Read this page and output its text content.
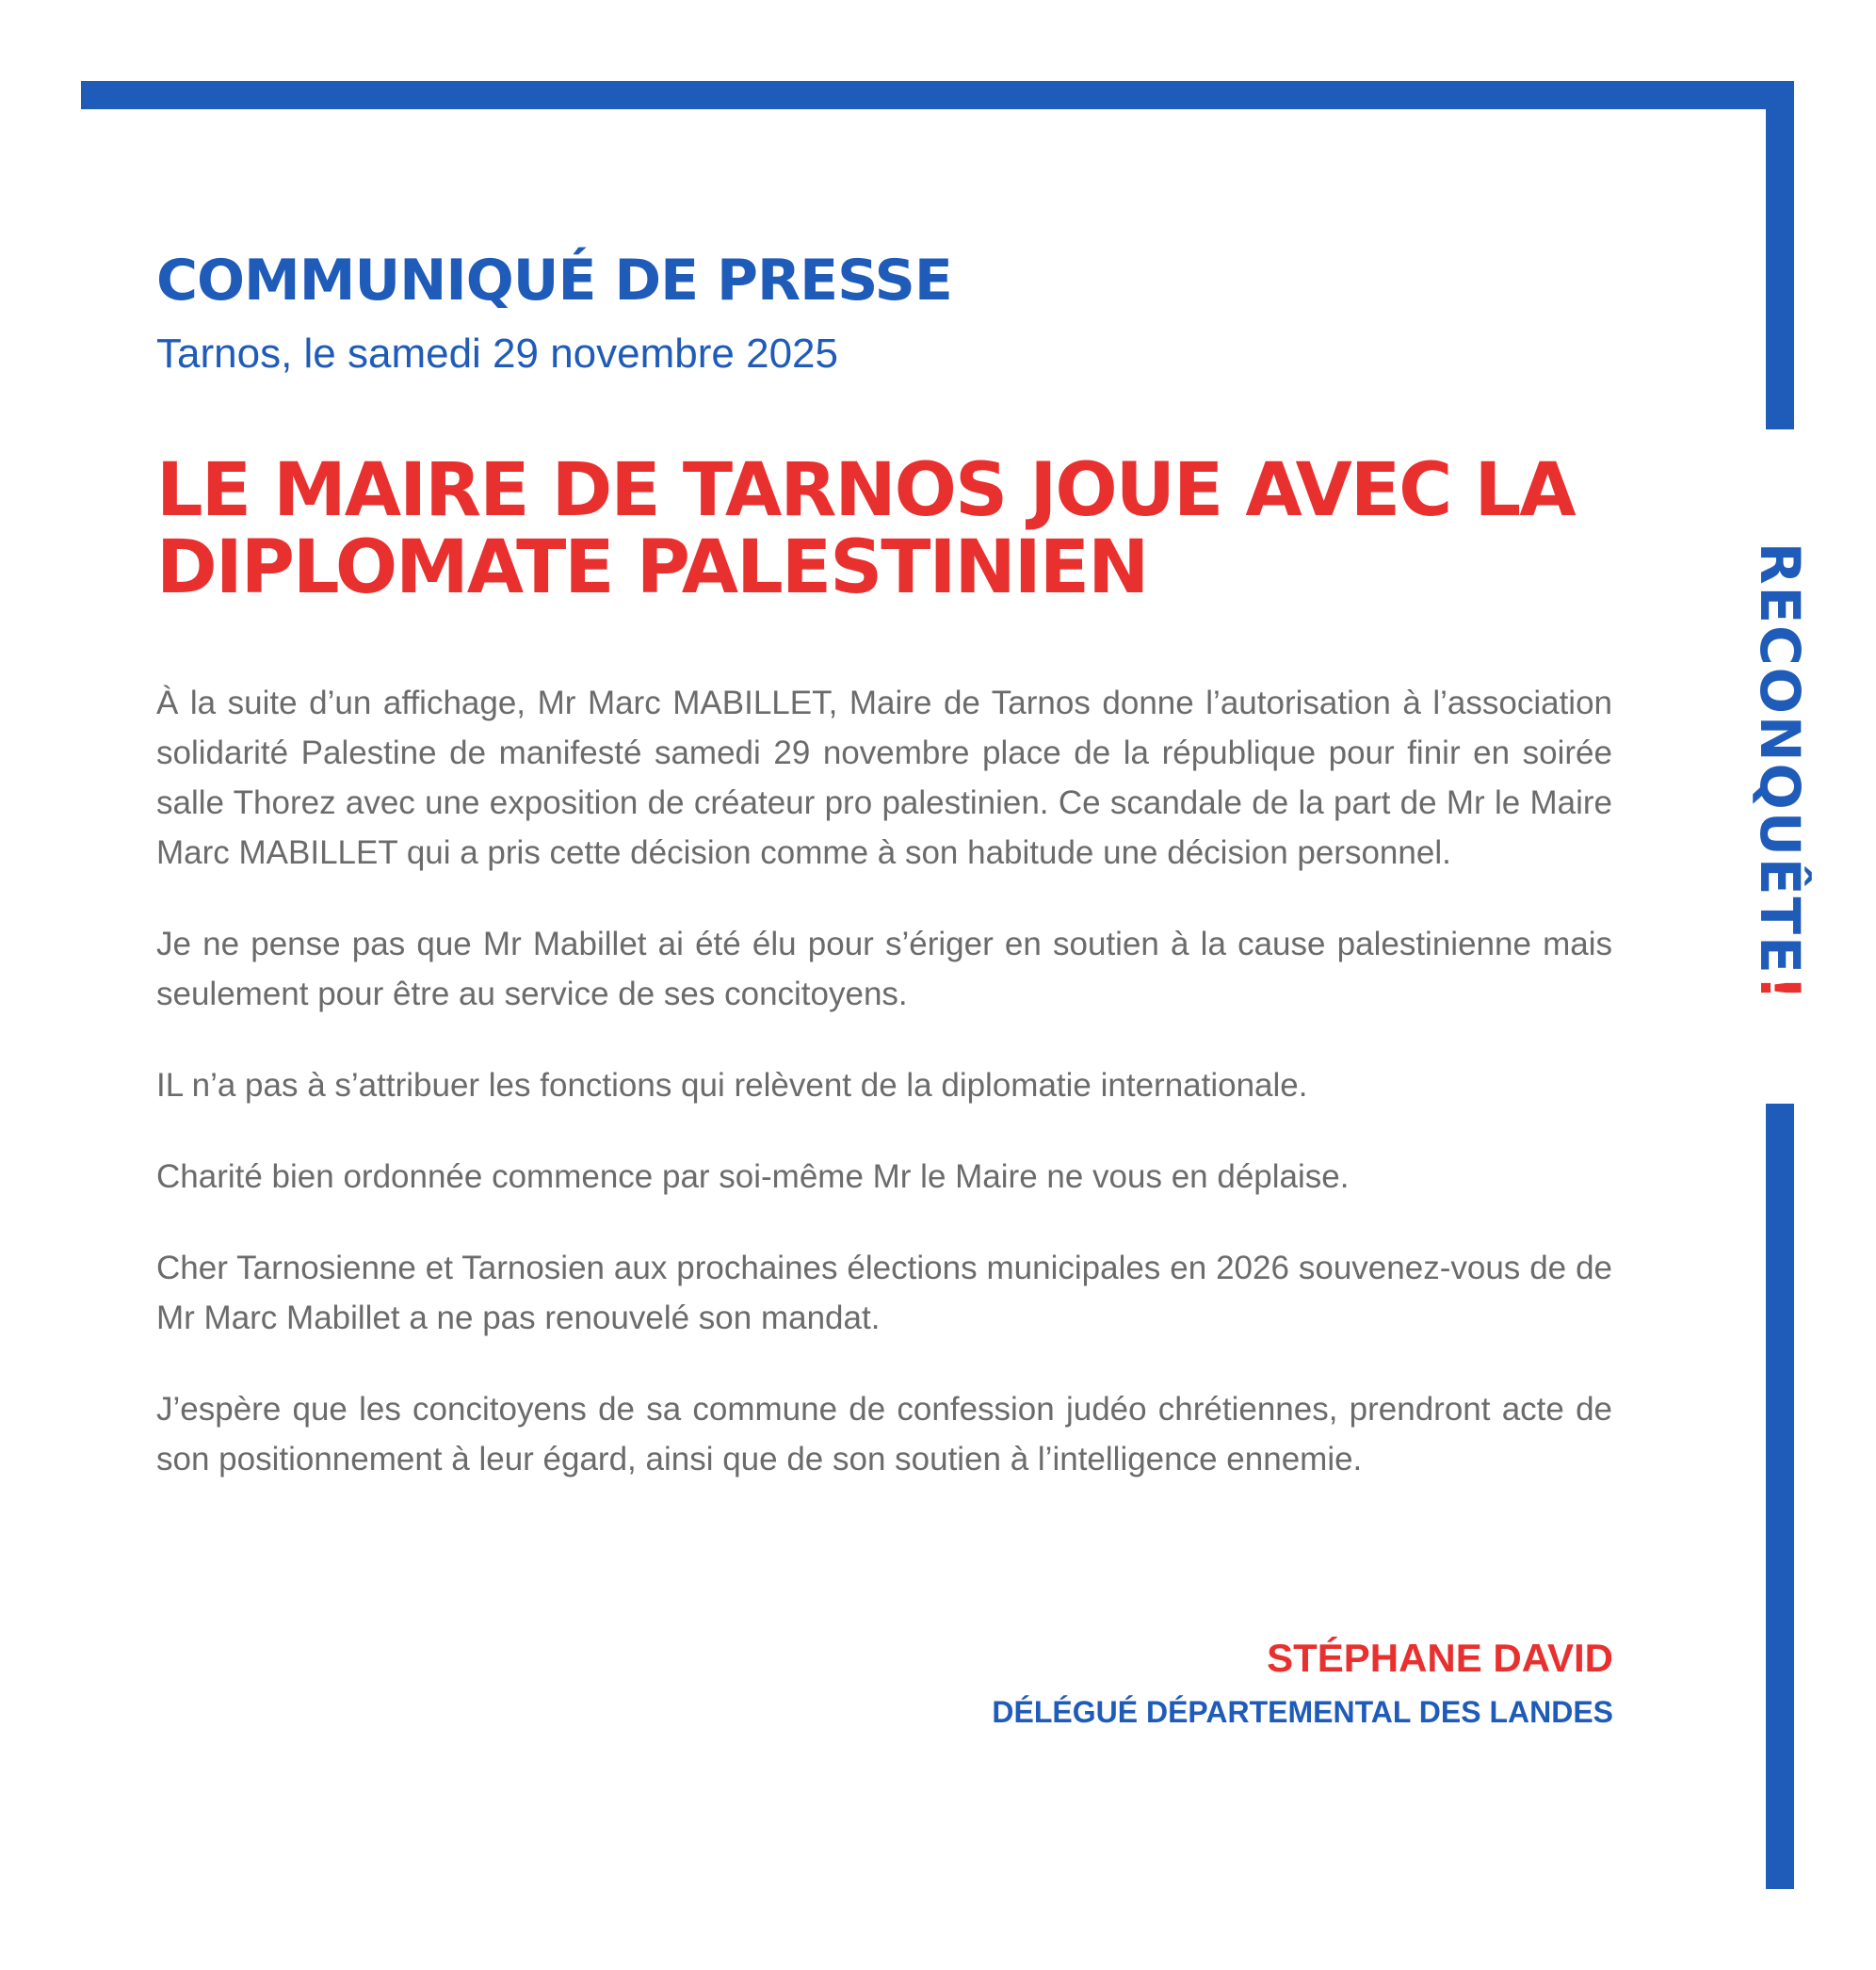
RECONQUÊTE!
COMMUNIQUÉ DE PRESSE
Tarnos, le samedi 29 novembre 2025
LE MAIRE DE TARNOS JOUE AVEC LA
DIPLOMATE PALESTINIEN

À la suite d’un affichage, Mr Marc MABILLET, Maire de Tarnos donne l’autorisation à l’association solidarité Palestine de manifesté samedi 29 novembre place de la république pour finir en soirée salle Thorez avec une exposition de créateur pro palestinien. Ce scandale de la part de Mr le Maire Marc MABILLET qui a pris cette décision comme à son habitude une décision personnel.

Je ne pense pas que Mr Mabillet ai été élu pour s’ériger en soutien à la cause palestinienne mais seulement pour être au service de ses concitoyens.

IL n’a pas à s’attribuer les fonctions qui relèvent de la diplomatie internationale.

Charité bien ordonnée commence par soi-même Mr le Maire ne vous en déplaise.

Cher Tarnosienne et Tarnosien aux prochaines élections municipales en 2026 souvenez-vous de de Mr Marc Mabillet a ne pas renouvelé son mandat.

J’espère que les concitoyens de sa commune de confession judéo chrétiennes, prendront acte de son positionnement à leur égard, ainsi que de son soutien à l’intelligence ennemie.

STÉPHANE DAVID
DÉLÉGUÉ DÉPARTEMENTAL DES LANDES
